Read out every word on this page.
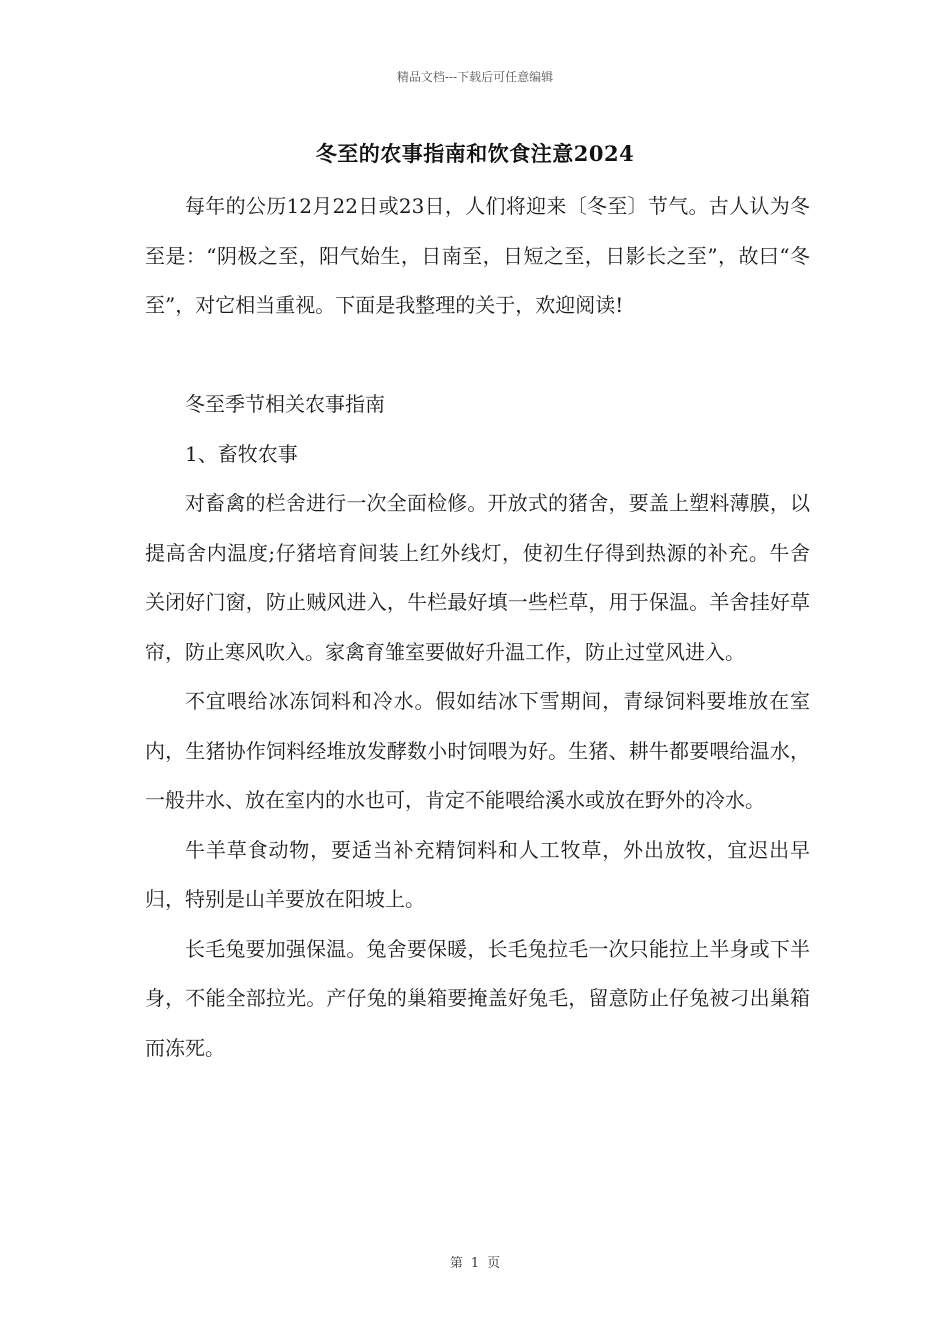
精品文档---下载后可任意编辑
冬至的农事指南和饮食注意2024

每年的公历12月22日或23日，人们将迎来〔冬至〕节气。古人认为冬至是：“阴极之至，阳气始生，日南至，日短之至，日影长之至”，故曰“冬至”，对它相当重视。下面是我整理的关于，欢迎阅读!

冬至季节相关农事指南

1、畜牧农事

对畜禽的栏舍进行一次全面检修。开放式的猪舍，要盖上塑料薄膜，以提高舍内温度;仔猪培育间装上红外线灯，使初生仔得到热源的补充。牛舍关闭好门窗，防止贼风进入，牛栏最好填一些栏草，用于保温。羊舍挂好草帘，防止寒风吹入。家禽育雏室要做好升温工作，防止过堂风进入。

不宜喂给冰冻饲料和冷水。假如结冰下雪期间，青绿饲料要堆放在室内，生猪协作饲料经堆放发酵数小时饲喂为好。生猪、耕牛都要喂给温水，一般井水、放在室内的水也可，肯定不能喂给溪水或放在野外的冷水。

牛羊草食动物，要适当补充精饲料和人工牧草，外出放牧，宜迟出早归，特别是山羊要放在阳坡上。

长毛兔要加强保温。兔舍要保暖，长毛兔拉毛一次只能拉上半身或下半身，不能全部拉光。产仔兔的巢箱要掩盖好兔毛，留意防止仔兔被刁出巢箱而冻死。

第 1 页
